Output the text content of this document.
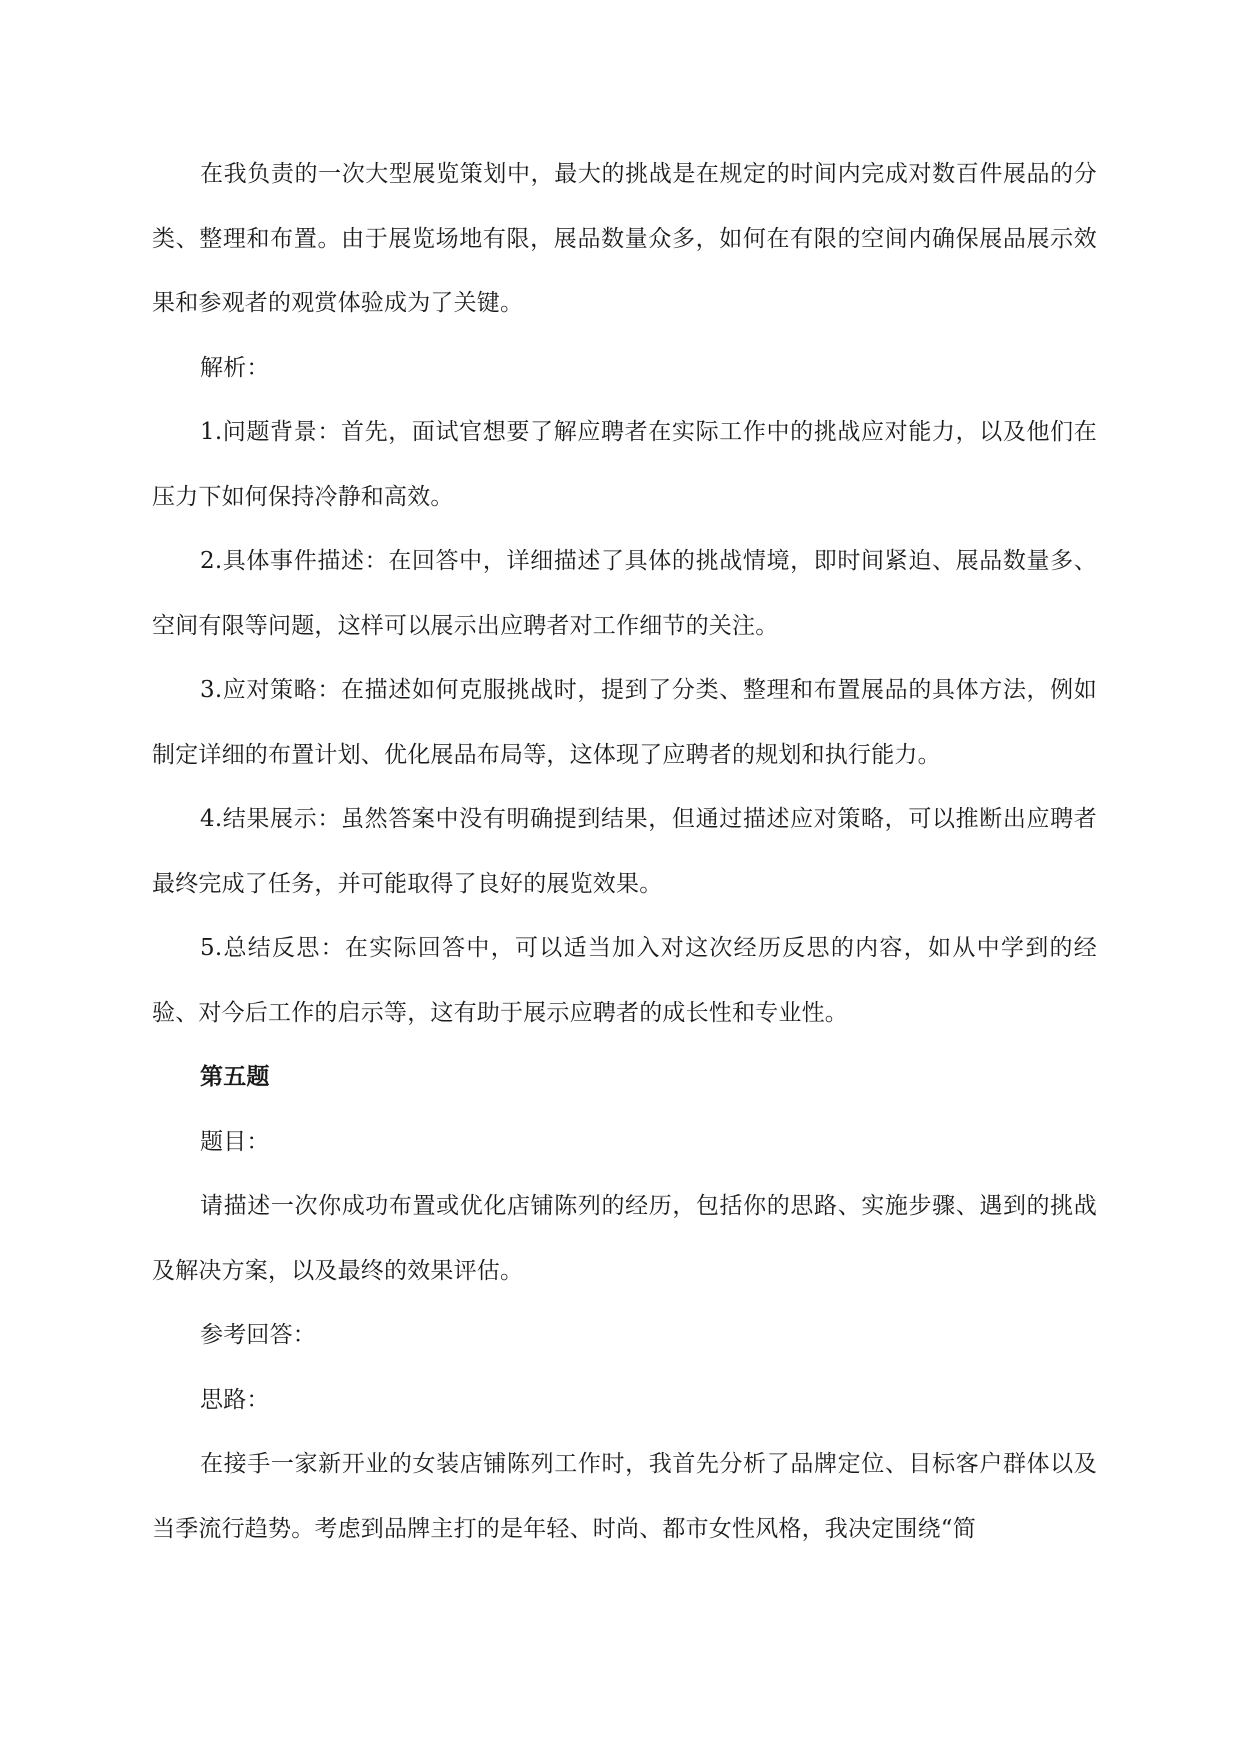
在我负责的一次大型展览策划中，最大的挑战是在规定的时间内完成对数百件展品的分类、整理和布置。由于展览场地有限，展品数量众多，如何在有限的空间内确保展品展示效果和参观者的观赏体验成为了关键。

解析：

1.问题背景：首先，面试官想要了解应聘者在实际工作中的挑战应对能力，以及他们在压力下如何保持冷静和高效。

2.具体事件描述：在回答中，详细描述了具体的挑战情境，即时间紧迫、展品数量多、空间有限等问题，这样可以展示出应聘者对工作细节的关注。

3.应对策略：在描述如何克服挑战时，提到了分类、整理和布置展品的具体方法，例如制定详细的布置计划、优化展品布局等，这体现了应聘者的规划和执行能力。

4.结果展示：虽然答案中没有明确提到结果，但通过描述应对策略，可以推断出应聘者最终完成了任务，并可能取得了良好的展览效果。

5.总结反思：在实际回答中，可以适当加入对这次经历反思的内容，如从中学到的经验、对今后工作的启示等，这有助于展示应聘者的成长性和专业性。

第五题

题目：

请描述一次你成功布置或优化店铺陈列的经历，包括你的思路、实施步骤、遇到的挑战及解决方案，以及最终的效果评估。

参考回答：

思路：

在接手一家新开业的女装店铺陈列工作时，我首先分析了品牌定位、目标客户群体以及当季流行趋势。考虑到品牌主打的是年轻、时尚、都市女性风格，我决定围绕“简
